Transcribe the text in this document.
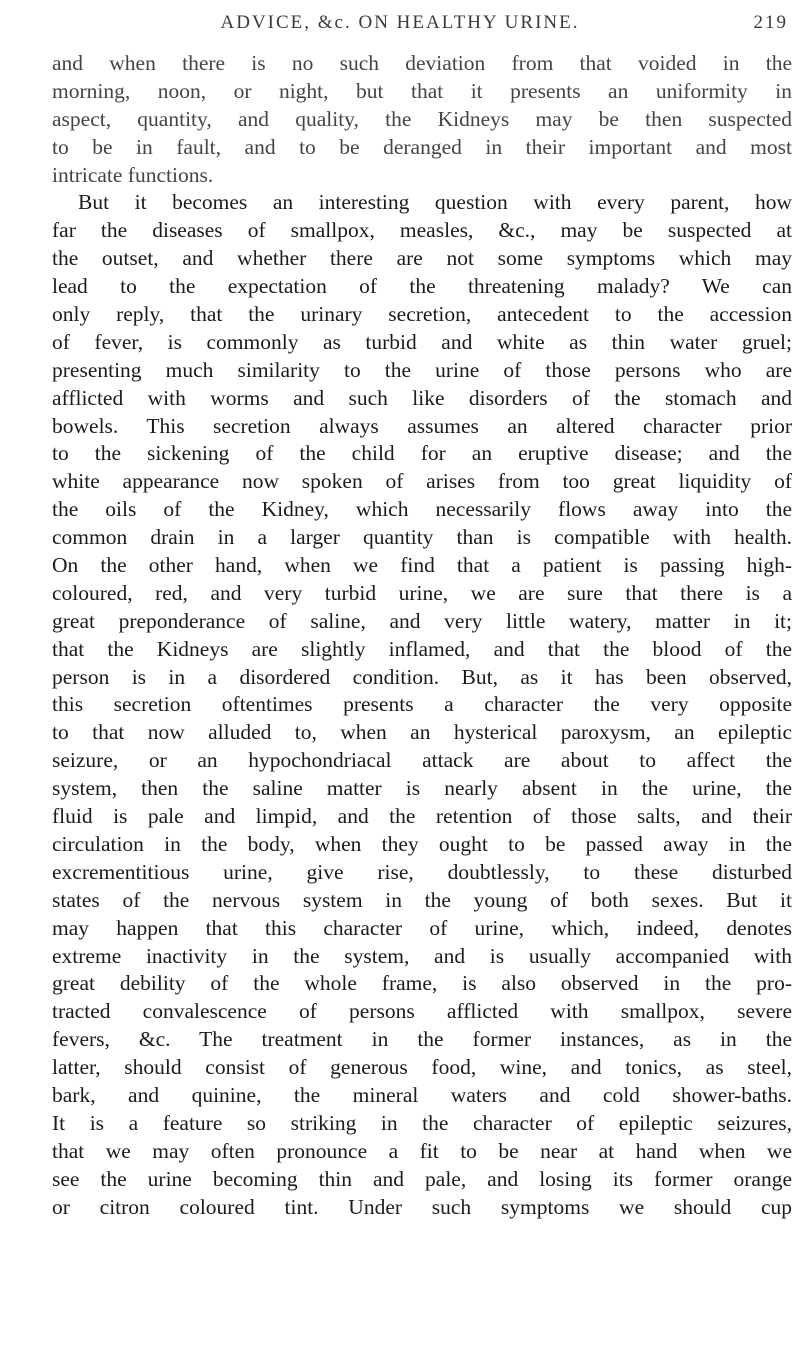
ADVICE, &c. ON HEALTHY URINE.	219
and when there is no such deviation from that voided in the
morning, noon, or night, but that it presents an uniformity in
aspect, quantity, and quality, the Kidneys may be then suspected
to be in fault, and to be deranged in their important and most
intricate functions.
But it becomes an interesting question with every parent, how
far the diseases of smallpox, measles, &c., may be suspected at
the outset, and whether there are not some symptoms which may
lead to the expectation of the threatening malady? We can
only reply, that the urinary secretion, antecedent to the accession
of fever, is commonly as turbid and white as thin water gruel;
presenting much similarity to the urine of those persons who are
afflicted with worms and such like disorders of the stomach and
bowels. This secretion always assumes an altered character prior
to the sickening of the child for an eruptive disease; and the
white appearance now spoken of arises from too great liquidity of
the oils of the Kidney, which necessarily flows away into the
common drain in a larger quantity than is compatible with health.
On the other hand, when we find that a patient is passing high-
coloured, red, and very turbid urine, we are sure that there is a
great preponderance of saline, and very little watery, matter in it;
that the Kidneys are slightly inflamed, and that the blood of the
person is in a disordered condition. But, as it has been observed,
this secretion oftentimes presents a character the very opposite
to that now alluded to, when an hysterical paroxysm, an epileptic
seizure, or an hypochondriacal attack are about to affect the
system, then the saline matter is nearly absent in the urine, the
fluid is pale and limpid, and the retention of those salts, and their
circulation in the body, when they ought to be passed away in the
excrementitious urine, give rise, doubtlessly, to these disturbed
states of the nervous system in the young of both sexes. But it
may happen that this character of urine, which, indeed, denotes
extreme inactivity in the system, and is usually accompanied with
great debility of the whole frame, is also observed in the pro-
tracted convalescence of persons afflicted with smallpox, severe
fevers, &c. The treatment in the former instances, as in the
latter, should consist of generous food, wine, and tonics, as steel,
bark, and quinine, the mineral waters and cold shower-baths.
It is a feature so striking in the character of epileptic seizures,
that we may often pronounce a fit to be near at hand when we
see the urine becoming thin and pale, and losing its former orange
or citron coloured tint. Under such symptoms we should cup
